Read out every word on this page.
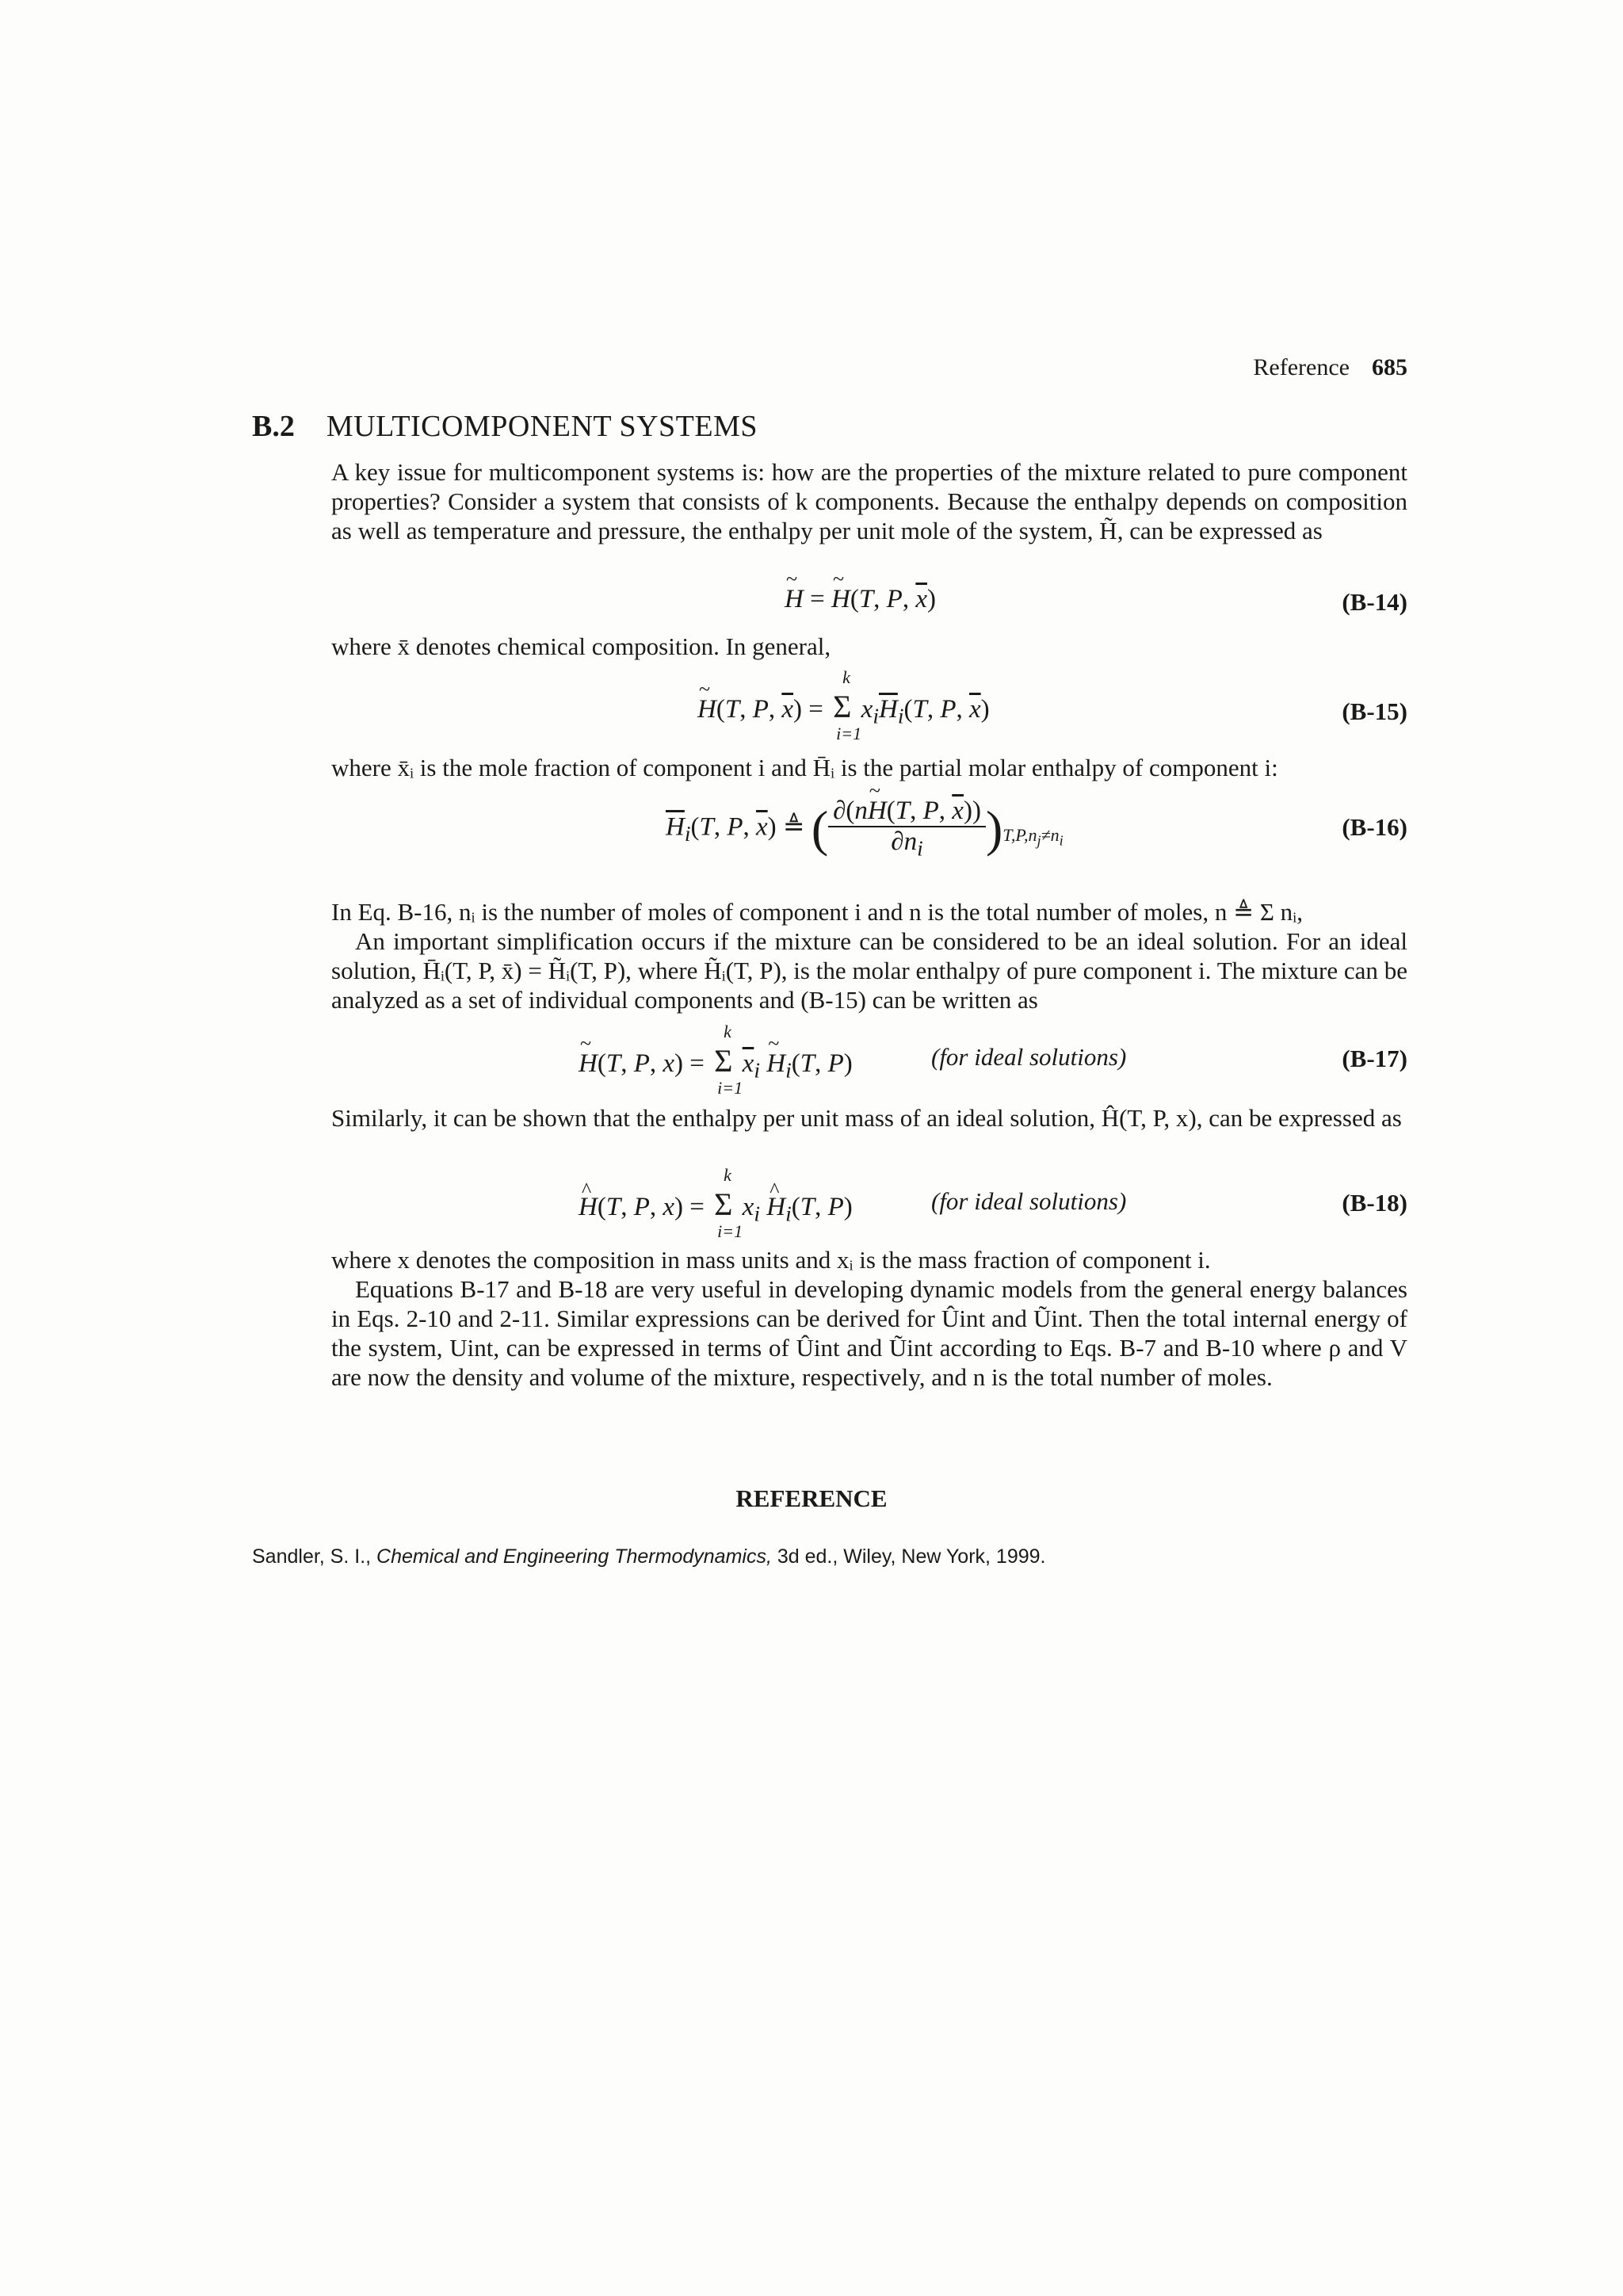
Reference 685
B.2 MULTICOMPONENT SYSTEMS
A key issue for multicomponent systems is: how are the properties of the mixture related to pure component properties? Consider a system that consists of k components. Because the enthalpy depends on composition as well as temperature and pressure, the enthalpy per unit mole of the system, H̃, can be expressed as
~ H = ~ H(T, P, $\overline{x}$)	(B-14)
where x̄ denotes chemical composition. In general,
~ H(T, P, $\overline{x}) = \Sigma$
k
i=1
$x_i\overline{H}_i(T$, P, $\overline{x}$)	(B-15)
where x̄ᵢ is the mole fraction of component i and H̄ᵢ is the partial molar enthalpy of component i:
$\overline{H}_i(T$, P, $\overline{x}$) ≜ ( $\frac{\partial(n\sim H(T, P, \overline{x}))}{\partial n_i} )_{T,P,n_j\ne n_i}$	(B-16)
In Eq. B-16, nᵢ is the number of moles of component i and n is the total number of moles, n ≜ Σ nᵢ,
An important simplification occurs if the mixture can be considered to be an ideal solution. For an ideal solution, H̄ᵢ(T, P, x̄) = H̃ᵢ(T, P), where H̃ᵢ(T, P), is the molar enthalpy of pure component i. The mixture can be analyzed as a set of individual components and (B-15) can be written as
~ H(T, P, x) = Σ
k
i=1
$\overline{x}_i$ ~ $H_i(T$, P)	(for ideal solutions)	(B-17)
Similarly, it can be shown that the enthalpy per unit mass of an ideal solution, Ĥ(T, P, x), can be expressed as
^ H(T, P, x) = Σ
k
i=1
$x_i$ ^ $H_i(T$, P)	(for ideal solutions)	(B-18)
where x denotes the composition in mass units and xᵢ is the mass fraction of component i.
Equations B-17 and B-18 are very useful in developing dynamic models from the general energy balances in Eqs. 2-10 and 2-11. Similar expressions can be derived for Ûint and Ũint. Then the total internal energy of the system, Uint, can be expressed in terms of Ûint and Ũint according to Eqs. B-7 and B-10 where ρ and V are now the density and volume of the mixture, respectively, and n is the total number of moles.
REFERENCE
Sandler, S. I., Chemical and Engineering Thermodynamics, 3d ed., Wiley, New York, 1999.
